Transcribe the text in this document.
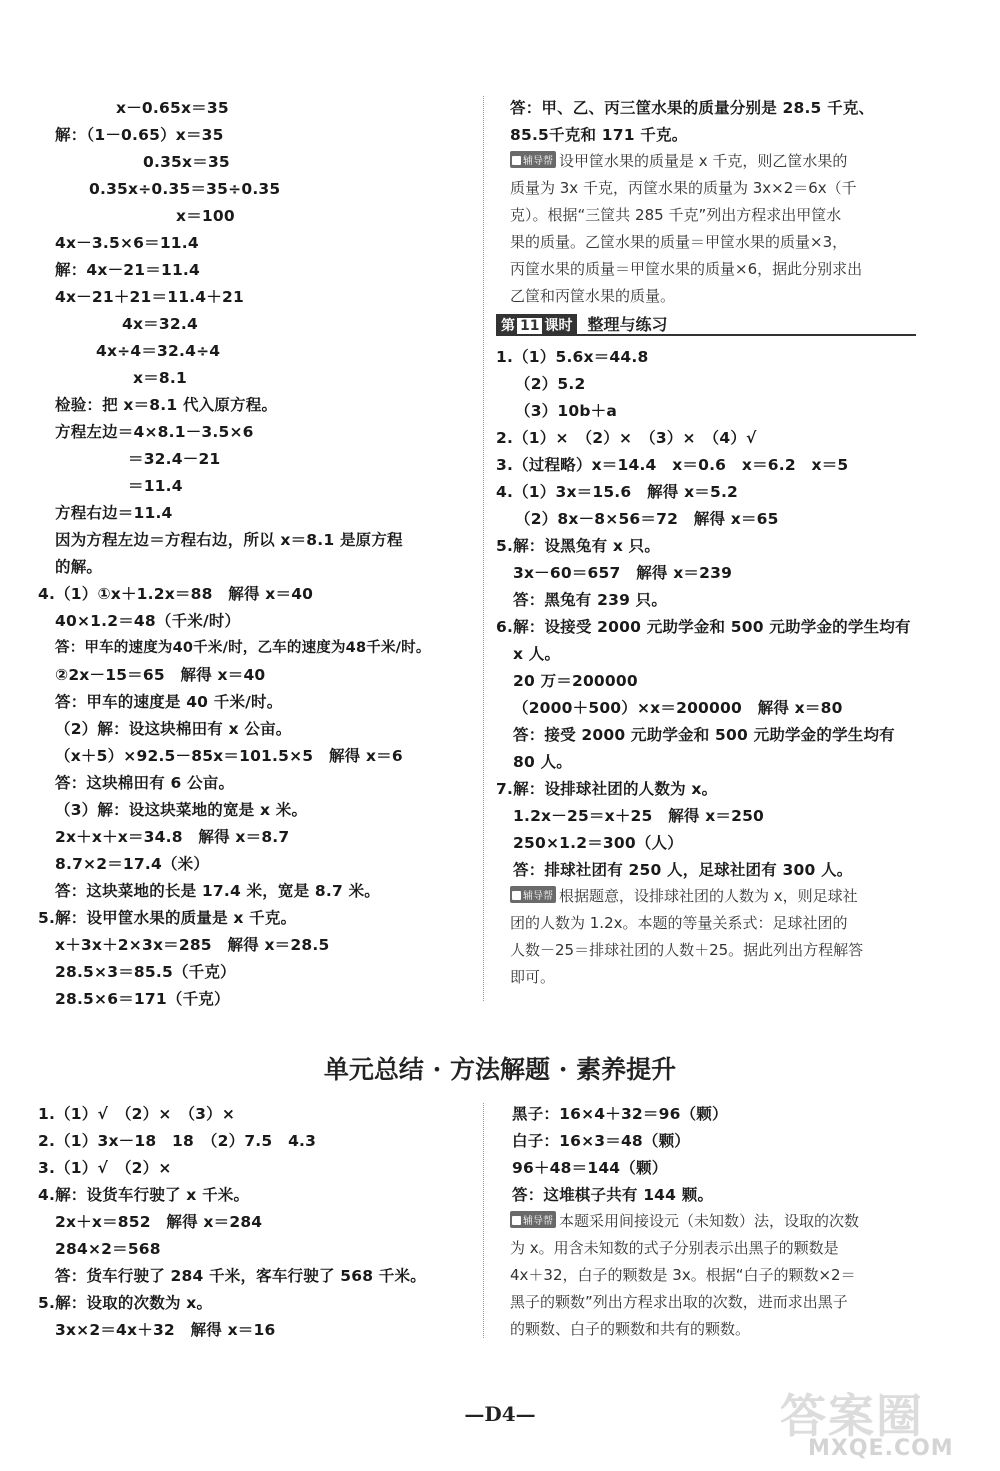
x－0.65x＝35
解：（1－0.65）x＝35
0.35x＝35
0.35x÷0.35＝35÷0.35
x＝100
4x－3.5×6＝11.4
解：4x－21＝11.4
4x－21＋21＝11.4＋21
4x＝32.4
4x÷4＝32.4÷4
x＝8.1
检验：把 x＝8.1 代入原方程。
方程左边＝4×8.1－3.5×6
＝32.4－21
＝11.4
方程右边＝11.4
因为方程左边＝方程右边，所以 x＝8.1 是原方程
的解。
4.（1）①x＋1.2x＝88　解得 x＝40
40×1.2＝48（千米/时）
答：甲车的速度为40千米/时，乙车的速度为48千米/时。
②2x－15＝65　解得 x＝40
答：甲车的速度是 40 千米/时。
（2）解：设这块棉田有 x 公亩。
（x＋5）×92.5－85x＝101.5×5　解得 x＝6
答：这块棉田有 6 公亩。
（3）解：设这块菜地的宽是 x 米。
2x＋x＋x＝34.8　解得 x＝8.7
8.7×2＝17.4（米）
答：这块菜地的长是 17.4 米，宽是 8.7 米。
5.解：设甲筐水果的质量是 x 千克。
x＋3x＋2×3x＝285　解得 x＝28.5
28.5×3＝85.5（千克）
28.5×6＝171（千克）
答：甲、乙、丙三筐水果的质量分别是 28.5 千克、
85.5千克和 171 千克。
辅导帮 设甲筐水果的质量是 x 千克，则乙筐水果的
质量为 3x 千克，丙筐水果的质量为 3x×2＝6x（千
克）。根据“三筐共 285 千克”列出方程求出甲筐水
果的质量。乙筐水果的质量＝甲筐水果的质量×3，
丙筐水果的质量＝甲筐水果的质量×6，据此分别求出
乙筐和丙筐水果的质量。
第 11 课时 整理与练习
1.（1）5.6x＝44.8
（2）5.2
（3）10b＋a
2.（1）×　（2）×　（3）×　（4）√
3.（过程略）x＝14.4　x＝0.6　x＝6.2　x＝5
4.（1）3x＝15.6　解得 x＝5.2
（2）8x－8×56＝72　解得 x＝65
5.解：设黑兔有 x 只。
3x－60＝657　解得 x＝239
答：黑兔有 239 只。
6.解：设接受 2000 元助学金和 500 元助学金的学生均有
x 人。
20 万＝200000
（2000＋500）×x＝200000　解得 x＝80
答：接受 2000 元助学金和 500 元助学金的学生均有
80 人。
7.解：设排球社团的人数为 x。
1.2x－25＝x＋25　解得 x＝250
250×1.2＝300（人）
答：排球社团有 250 人，足球社团有 300 人。
辅导帮 根据题意，设排球社团的人数为 x，则足球社
团的人数为 1.2x。本题的等量关系式：足球社团的
人数－25＝排球社团的人数＋25。据此列出方程解答
即可。
单元总结 · 方法解题 · 素养提升
1.（1）√　（2）×　（3）×
2.（1）3x－18　18　（2）7.5　4.3
3.（1）√　（2）×
4.解：设货车行驶了 x 千米。
2x＋x＝852　解得 x＝284
284×2＝568
答：货车行驶了 284 千米，客车行驶了 568 千米。
5.解：设取的次数为 x。
3x×2＝4x＋32　解得 x＝16
黑子：16×4＋32＝96（颗）
白子：16×3＝48（颗）
96＋48＝144（颗）
答：这堆棋子共有 144 颗。
辅导帮 本题采用间接设元（未知数）法，设取的次数
为 x。用含未知数的式子分别表示出黑子的颗数是
4x＋32，白子的颗数是 3x。根据“白子的颗数×2＝
黑子的颗数”列出方程求出取的次数，进而求出黑子
的颗数、白子的颗数和共有的颗数。
—D4—	答案圈
MXQE.COM
